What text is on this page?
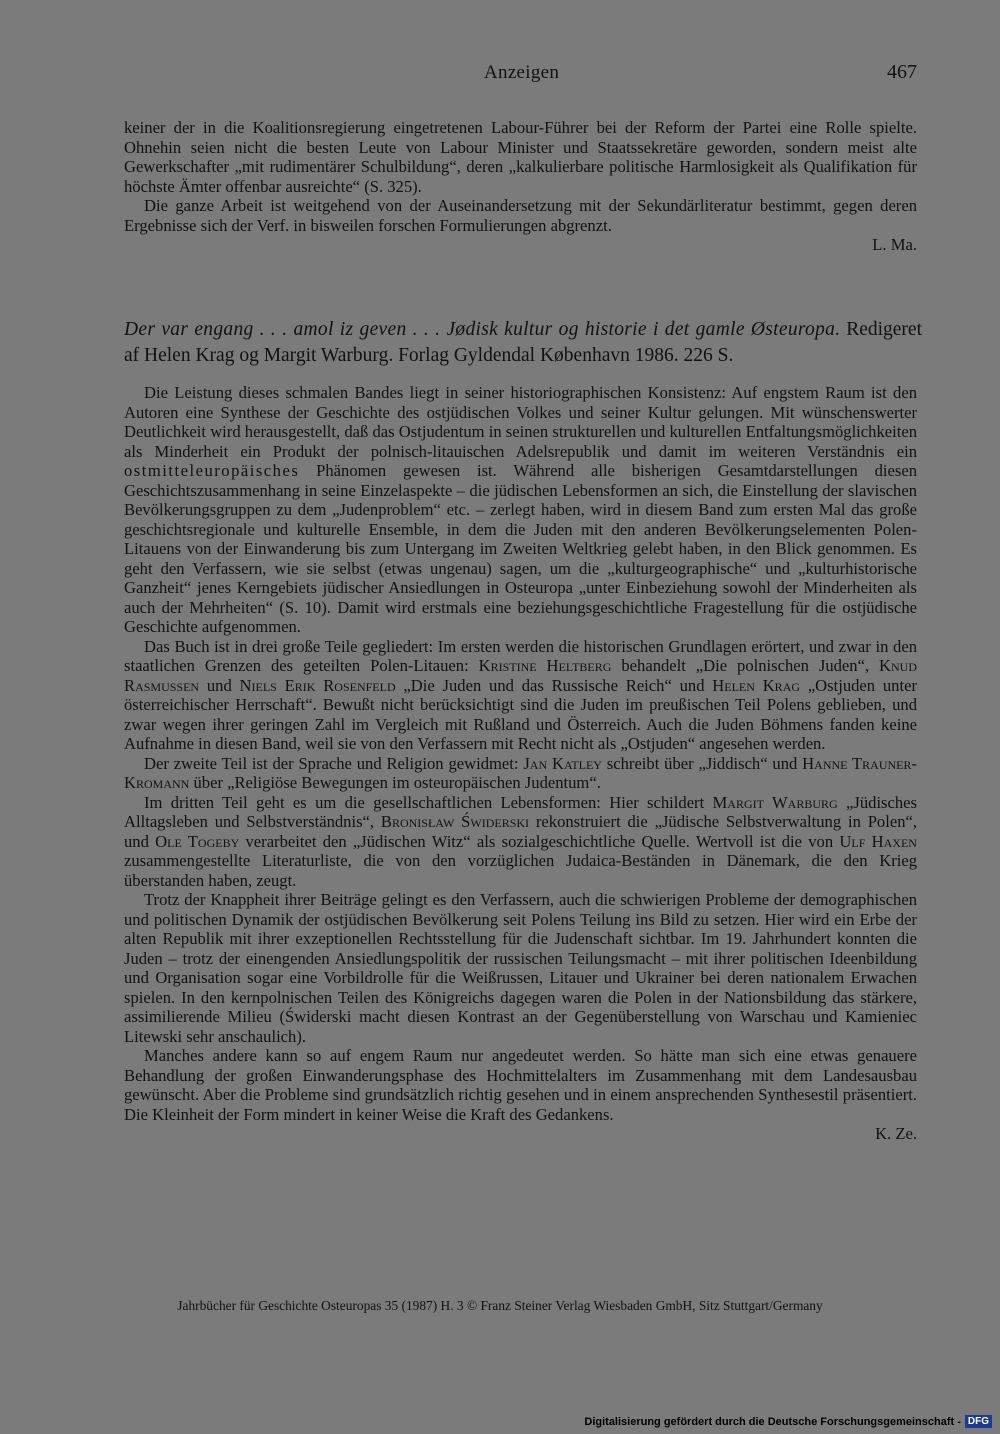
Anzeigen	467

keiner der in die Koalitionsregierung eingetretenen Labour-Führer bei der Reform der Partei eine Rolle spielte. Ohnehin seien nicht die besten Leute von Labour Minister und Staatssekretäre geworden, sondern meist alte Gewerkschafter „mit rudimentärer Schulbildung“, deren „kalkulierbare politische Harmlosigkeit als Qualifikation für höchste Ämter offenbar ausreichte“ (S. 325).

Die ganze Arbeit ist weitgehend von der Auseinandersetzung mit der Sekundärliteratur bestimmt, gegen deren Ergebnisse sich der Verf. in bisweilen forschen Formulierungen abgrenzt.

L. Ma.

Der var engang . . . amol iz geven . . . Jødisk kultur og historie i det gamle Østeuropa. Redigeret af Helen Krag og Margit Warburg. Forlag Gyldendal København 1986. 226 S.

Die Leistung dieses schmalen Bandes liegt in seiner historiographischen Konsistenz: Auf engstem Raum ist den Autoren eine Synthese der Geschichte des ostjüdischen Volkes und seiner Kultur gelungen. Mit wünschenswerter Deutlichkeit wird herausgestellt, daß das Ostjudentum in seinen strukturellen und kulturellen Entfaltungsmöglichkeiten als Minderheit ein Produkt der polnisch-litauischen Adelsrepublik und damit im weiteren Verständnis ein ostmitteleuropäisches Phänomen gewesen ist. Während alle bisherigen Gesamtdarstellungen diesen Geschichtszusammenhang in seine Einzelaspekte – die jüdischen Lebensformen an sich, die Einstellung der slavischen Bevölkerungsgruppen zu dem „Judenproblem“ etc. – zerlegt haben, wird in diesem Band zum ersten Mal das große geschichtsregionale und kulturelle Ensemble, in dem die Juden mit den anderen Bevölkerungselementen Polen-Litauens von der Einwanderung bis zum Untergang im Zweiten Weltkrieg gelebt haben, in den Blick genommen. Es geht den Verfassern, wie sie selbst (etwas ungenau) sagen, um die „kulturgeographische“ und „kulturhistorische Ganzheit“ jenes Kerngebiets jüdischer Ansiedlungen in Osteuropa „unter Einbeziehung sowohl der Minderheiten als auch der Mehrheiten“ (S. 10). Damit wird erstmals eine beziehungsgeschichtliche Fragestellung für die ostjüdische Geschichte aufgenommen.

Das Buch ist in drei große Teile gegliedert: Im ersten werden die historischen Grundlagen erörtert, und zwar in den staatlichen Grenzen des geteilten Polen-Litauen: Kristine Heltberg behandelt „Die polnischen Juden“, Knud Rasmussen und Niels Erik Rosenfeld „Die Juden und das Russische Reich“ und Helen Krag „Ostjuden unter österreichischer Herrschaft“. Bewußt nicht berücksichtigt sind die Juden im preußischen Teil Polens geblieben, und zwar wegen ihrer geringen Zahl im Vergleich mit Rußland und Österreich. Auch die Juden Böhmens fanden keine Aufnahme in diesen Band, weil sie von den Verfassern mit Recht nicht als „Ostjuden“ angesehen werden.

Der zweite Teil ist der Sprache und Religion gewidmet: Jan Katley schreibt über „Jiddisch“ und Hanne Trauner-Kromann über „Religiöse Bewegungen im osteuropäischen Judentum“.

Im dritten Teil geht es um die gesellschaftlichen Lebensformen: Hier schildert Margit Warburg „Jüdisches Alltagsleben und Selbstverständnis“, Bronisław Świderski rekonstruiert die „Jüdische Selbstverwaltung in Polen“, und Ole Togeby verarbeitet den „Jüdischen Witz“ als sozialgeschichtliche Quelle. Wertvoll ist die von Ulf Haxen zusammengestellte Literaturliste, die von den vorzüglichen Judaica-Beständen in Dänemark, die den Krieg überstanden haben, zeugt.

Trotz der Knappheit ihrer Beiträge gelingt es den Verfassern, auch die schwierigen Probleme der demographischen und politischen Dynamik der ostjüdischen Bevölkerung seit Polens Teilung ins Bild zu setzen. Hier wird ein Erbe der alten Republik mit ihrer exzeptionellen Rechtsstellung für die Judenschaft sichtbar. Im 19. Jahrhundert konnten die Juden – trotz der einengenden Ansiedlungspolitik der russischen Teilungsmacht – mit ihrer politischen Ideenbildung und Organisation sogar eine Vorbildrolle für die Weißrussen, Litauer und Ukrainer bei deren nationalem Erwachen spielen. In den kernpolnischen Teilen des Königreichs dagegen waren die Polen in der Nationsbildung das stärkere, assimilierende Milieu (Świderski macht diesen Kontrast an der Gegenüberstellung von Warschau und Kamieniec Litewski sehr anschaulich).

Manches andere kann so auf engem Raum nur angedeutet werden. So hätte man sich eine etwas genauere Behandlung der großen Einwanderungsphase des Hochmittelalters im Zusammenhang mit dem Landesausbau gewünscht. Aber die Probleme sind grundsätzlich richtig gesehen und in einem ansprechenden Synthesestil präsentiert. Die Kleinheit der Form mindert in keiner Weise die Kraft des Gedankens.

K. Ze.

Jahrbücher für Geschichte Osteuropas 35 (1987) H. 3 © Franz Steiner Verlag Wiesbaden GmbH, Sitz Stuttgart/Germany
Digitalisierung gefördert durch die Deutsche Forschungsgemeinschaft - DFG
